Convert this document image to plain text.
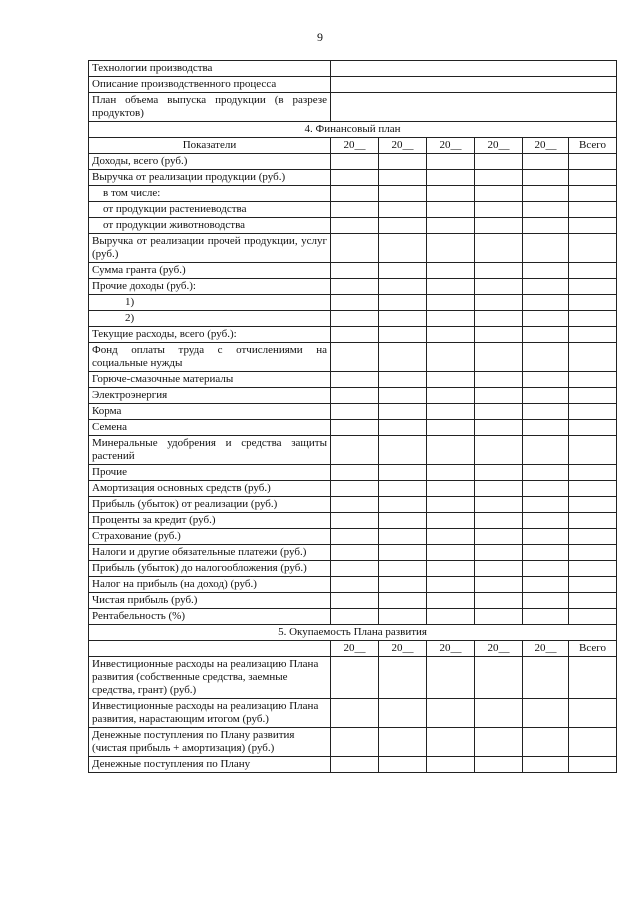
9
Технологии производства						
Описание производственного процесса						
План объема выпуска продукции (в разрезе продуктов)						
4. Финансовый план						
Показатели	20__	20__	20__	20__	20__	Всего
Доходы, всего (руб.)						
Выручка от реализации продукции (руб.)						
в том числе:						
от продукции растениеводства						
от продукции животноводства						
Выручка от реализации прочей продукции, услуг (руб.)						
Сумма гранта (руб.)						
Прочие доходы (руб.):						
1)						
2)						
Текущие расходы, всего (руб.):						
Фонд оплаты труда с отчислениями на социальные нужды						
Горюче-смазочные материалы						
Электроэнергия						
Корма						
Семена						
Минеральные удобрения и средства защиты растений						
Прочие						
Амортизация основных средств (руб.)						
Прибыль (убыток) от реализации (руб.)						
Проценты за кредит (руб.)						
Страхование (руб.)						
Налоги и другие обязательные платежи (руб.)						
Прибыль (убыток) до налогообложения (руб.)						
Налог на прибыль (на доход) (руб.)						
Чистая прибыль (руб.)						
Рентабельность (%)						
5. Окупаемость Плана развития						
	20__	20__	20__	20__	20__	Всего
Инвестиционные расходы на реализацию Плана развития (собственные средства, заемные средства, грант) (руб.)						
Инвестиционные расходы на реализацию Плана развития, нарастающим итогом (руб.)						
Денежные поступления по Плану развития (чистая прибыль + амортизация) (руб.)						
Денежные поступления по Плану						
